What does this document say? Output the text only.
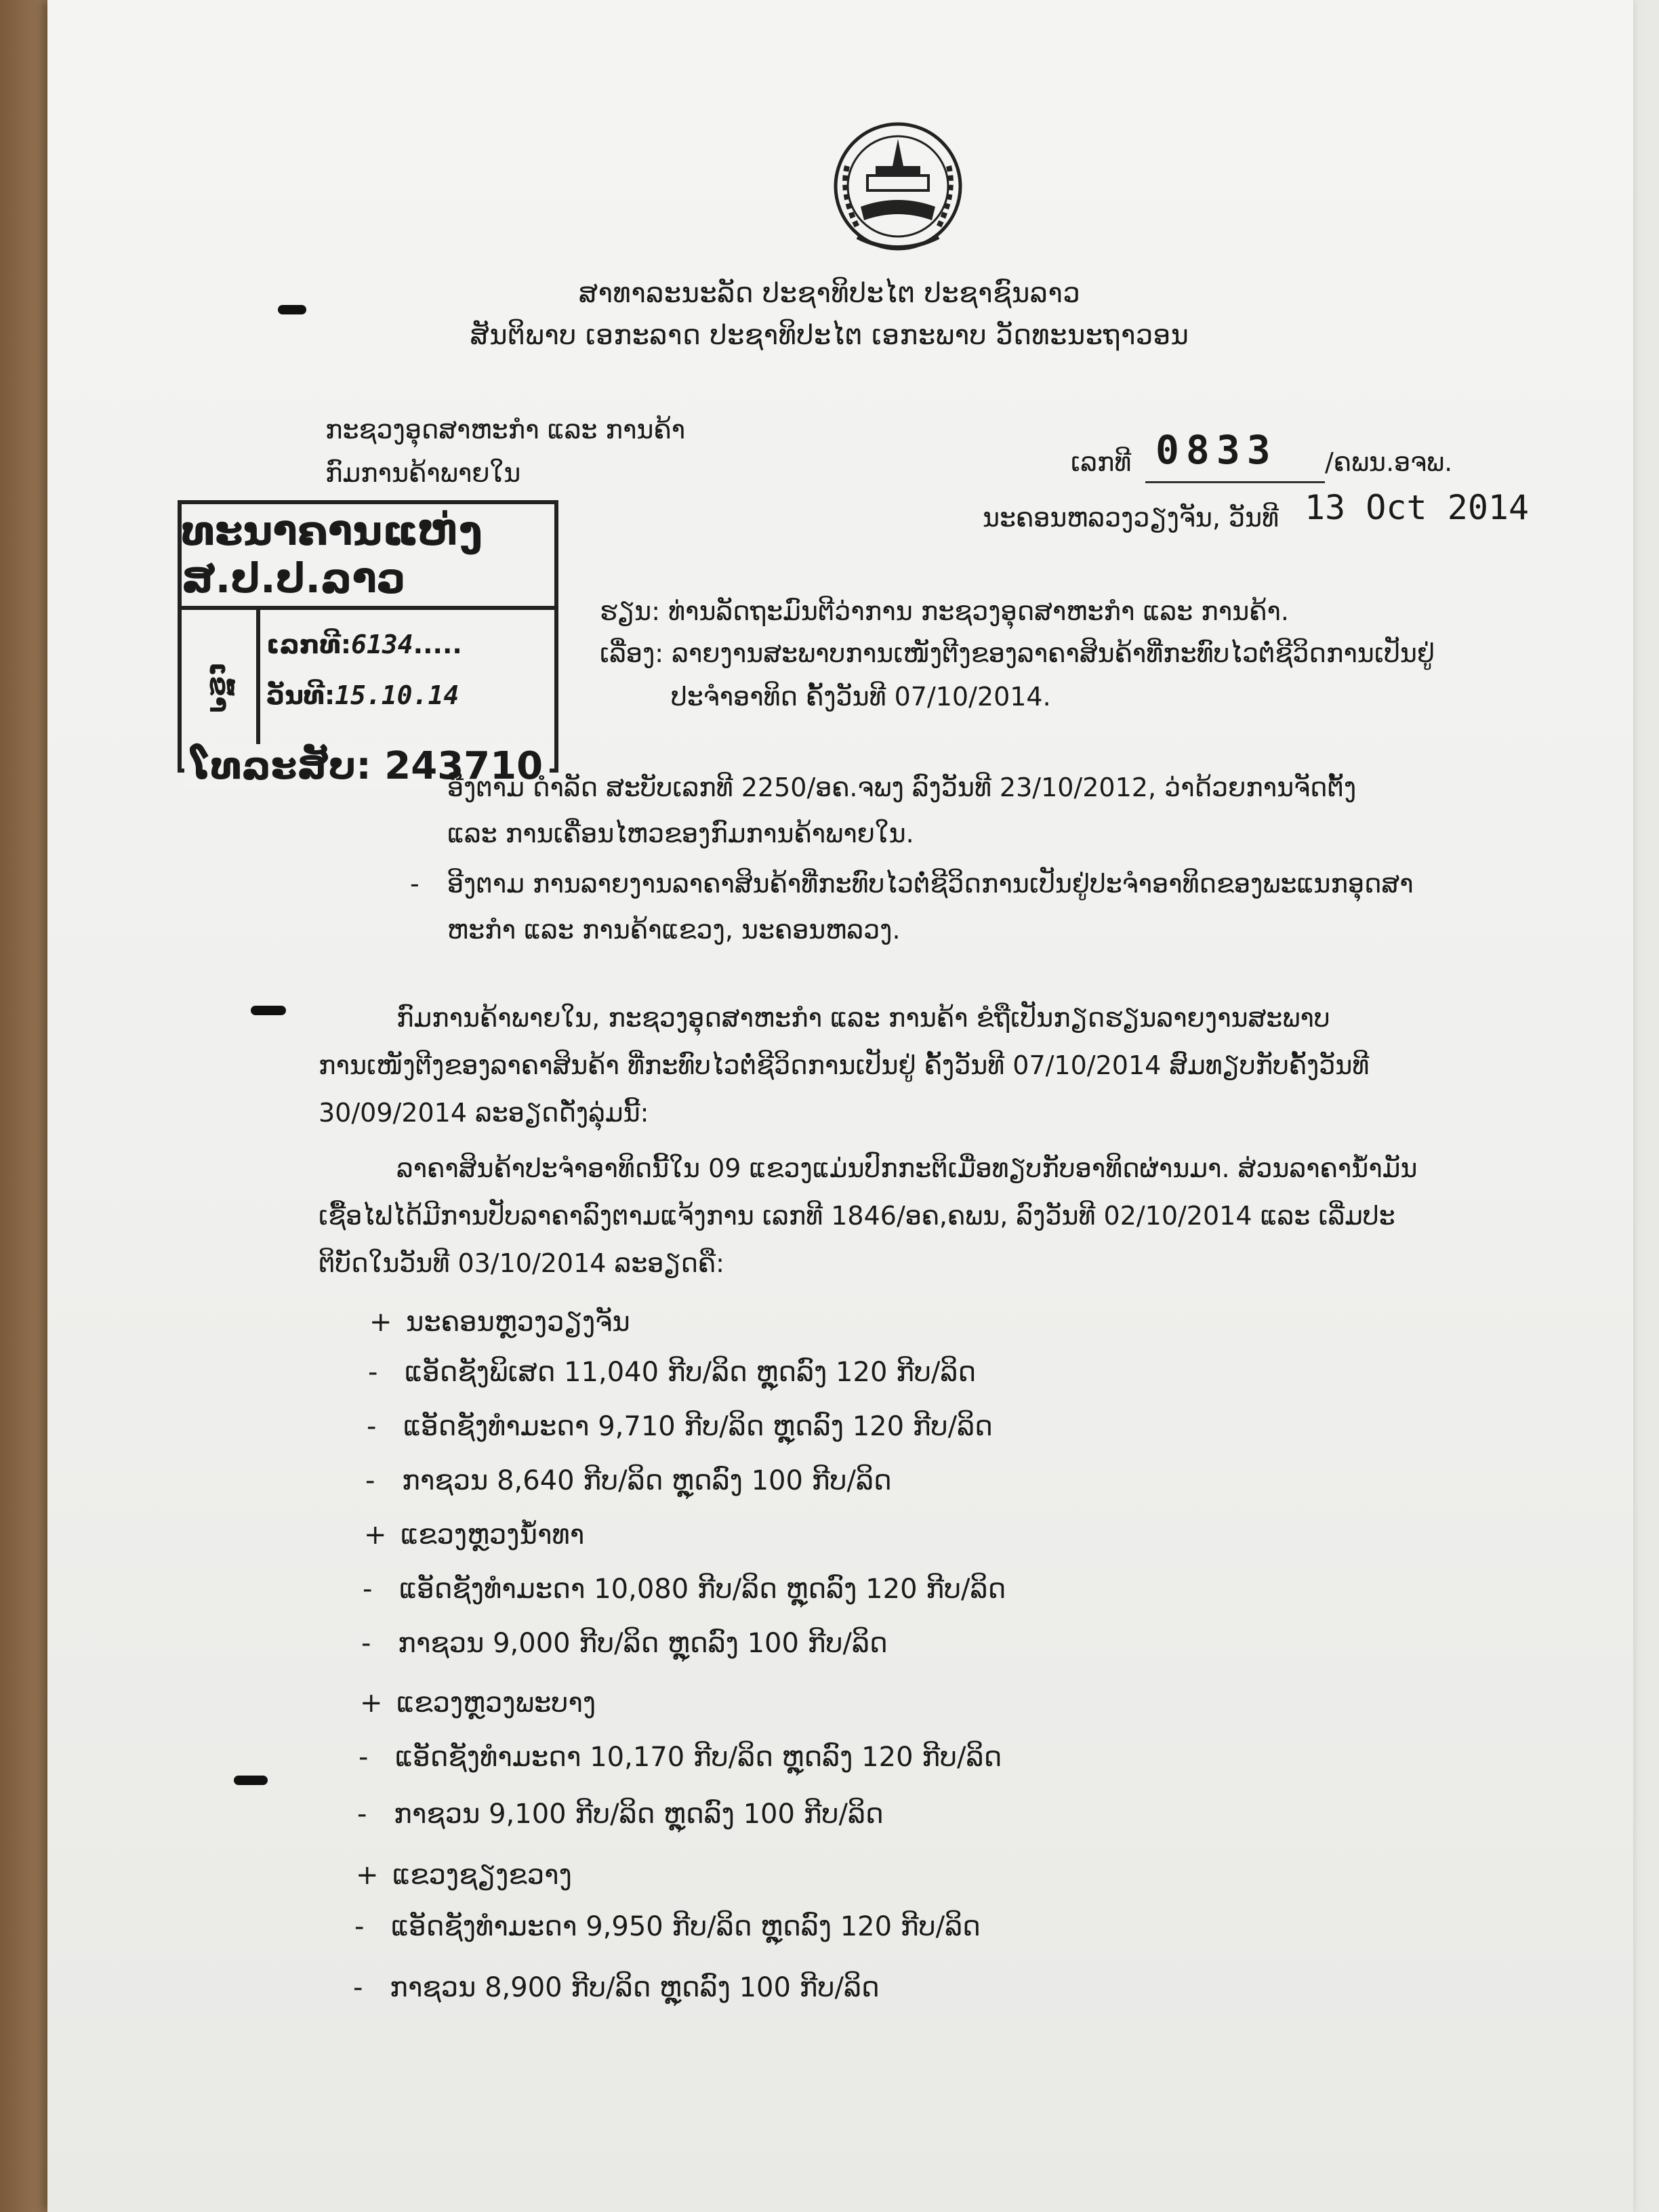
ສາທາລະນະລັດ ປະຊາທິປະໄຕ ປະຊາຊົນລາວ
ສັນຕິພາບ ເອກະລາດ ປະຊາທິປະໄຕ ເອກະພາບ ວັດທະນະຖາວອນ
ກະຊວງອຸດສາຫະກຳ ແລະ ການຄ້າ
ກົມການຄ້າພາຍໃນ	ເລກທີ 0833 /ຄພນ.ອຈພ.
ນະຄອນຫລວງວຽງຈັນ, ວັນທີ 13 Oct 2014
ທະນາຄານແຫ່ງສ.ປ.ປ.ລາວ
ເຂົ້າ
ເລກທີ:6134.....
ວັນທີ:15.10.14
ໂທລະສັບ: 243710
ຮຽນ: ທ່ານລັດຖະມົນຕີວ່າການ ກະຊວງອຸດສາຫະກຳ ແລະ ການຄ້າ.
ເລື່ອງ: ລາຍງານສະພາບການເໜັງຕີງຂອງລາຄາສິນຄ້າທີ່ກະທົບໄວຕໍ່ຊີວິດການເປັນຢູ່
ປະຈຳອາທິດ ຄັ້ງວັນທີ 07/10/2014.
ອີງຕາມ ດຳລັດ ສະບັບເລກທີ 2250/ອຄ.ຈພງ ລົງວັນທີ 23/10/2012, ວ່າດ້ວຍການຈັດຕັ້ງ
ແລະ ການເຄື່ອນໄຫວຂອງກົມການຄ້າພາຍໃນ.
- ອີງຕາມ ການລາຍງານລາຄາສິນຄ້າທີ່ກະທົບໄວຕໍ່ຊີວິດການເປັນຢູ່ປະຈຳອາທິດຂອງພະແນກອຸດສາ
ຫະກຳ ແລະ ການຄ້າແຂວງ, ນະຄອນຫລວງ.
ກົມການຄ້າພາຍໃນ, ກະຊວງອຸດສາຫະກຳ ແລະ ການຄ້າ ຂໍຖືເປັນກຽດຮຽນລາຍງານສະພາບ
ການເໜັງຕີງຂອງລາຄາສິນຄ້າ ທີ່ກະທົບໄວຕໍ່ຊີວິດການເປັນຢູ່ ຄັ້ງວັນທີ 07/10/2014 ສົມທຽບກັບຄັ້ງວັນທີ
30/09/2014 ລະອຽດດັ່ງລຸ່ມນີ້:
ລາຄາສິນຄ້າປະຈຳອາທິດນີ້ໃນ 09 ແຂວງແມ່ນປົກກະຕິເມື່ອທຽບກັບອາທິດຜ່ານມາ. ສ່ວນລາຄານ້ຳມັນ
ເຊື້ອໄຟໄດ້ມີການປັບລາຄາລົງຕາມແຈ້ງການ ເລກທີ 1846/ອຄ,ຄພນ, ລົງວັນທີ 02/10/2014 ແລະ ເລີ່ມປະ
ຕິບັດໃນວັນທີ 03/10/2014 ລະອຽດຄື:
+ ນະຄອນຫຼວງວຽງຈັນ
- ແອັດຊັງພິເສດ 11,040 ກີບ/ລິດ ຫຼຸດລົງ 120 ກີບ/ລິດ
- ແອັດຊັງທຳມະດາ 9,710 ກີບ/ລິດ ຫຼຸດລົງ 120 ກີບ/ລິດ
- ກາຊວນ 8,640 ກີບ/ລິດ ຫຼຸດລົງ 100 ກີບ/ລິດ
+ ແຂວງຫຼວງນ້ຳທາ
- ແອັດຊັງທຳມະດາ 10,080 ກີບ/ລິດ ຫຼຸດລົງ 120 ກີບ/ລິດ
- ກາຊວນ 9,000 ກີບ/ລິດ ຫຼຸດລົງ 100 ກີບ/ລິດ
+ ແຂວງຫຼວງພະບາງ
- ແອັດຊັງທຳມະດາ 10,170 ກີບ/ລິດ ຫຼຸດລົງ 120 ກີບ/ລິດ
- ກາຊວນ 9,100 ກີບ/ລິດ ຫຼຸດລົງ 100 ກີບ/ລິດ
+ ແຂວງຊຽງຂວາງ
- ແອັດຊັງທຳມະດາ 9,950 ກີບ/ລິດ ຫຼຸດລົງ 120 ກີບ/ລິດ
- ກາຊວນ 8,900 ກີບ/ລິດ ຫຼຸດລົງ 100 ກີບ/ລິດ
